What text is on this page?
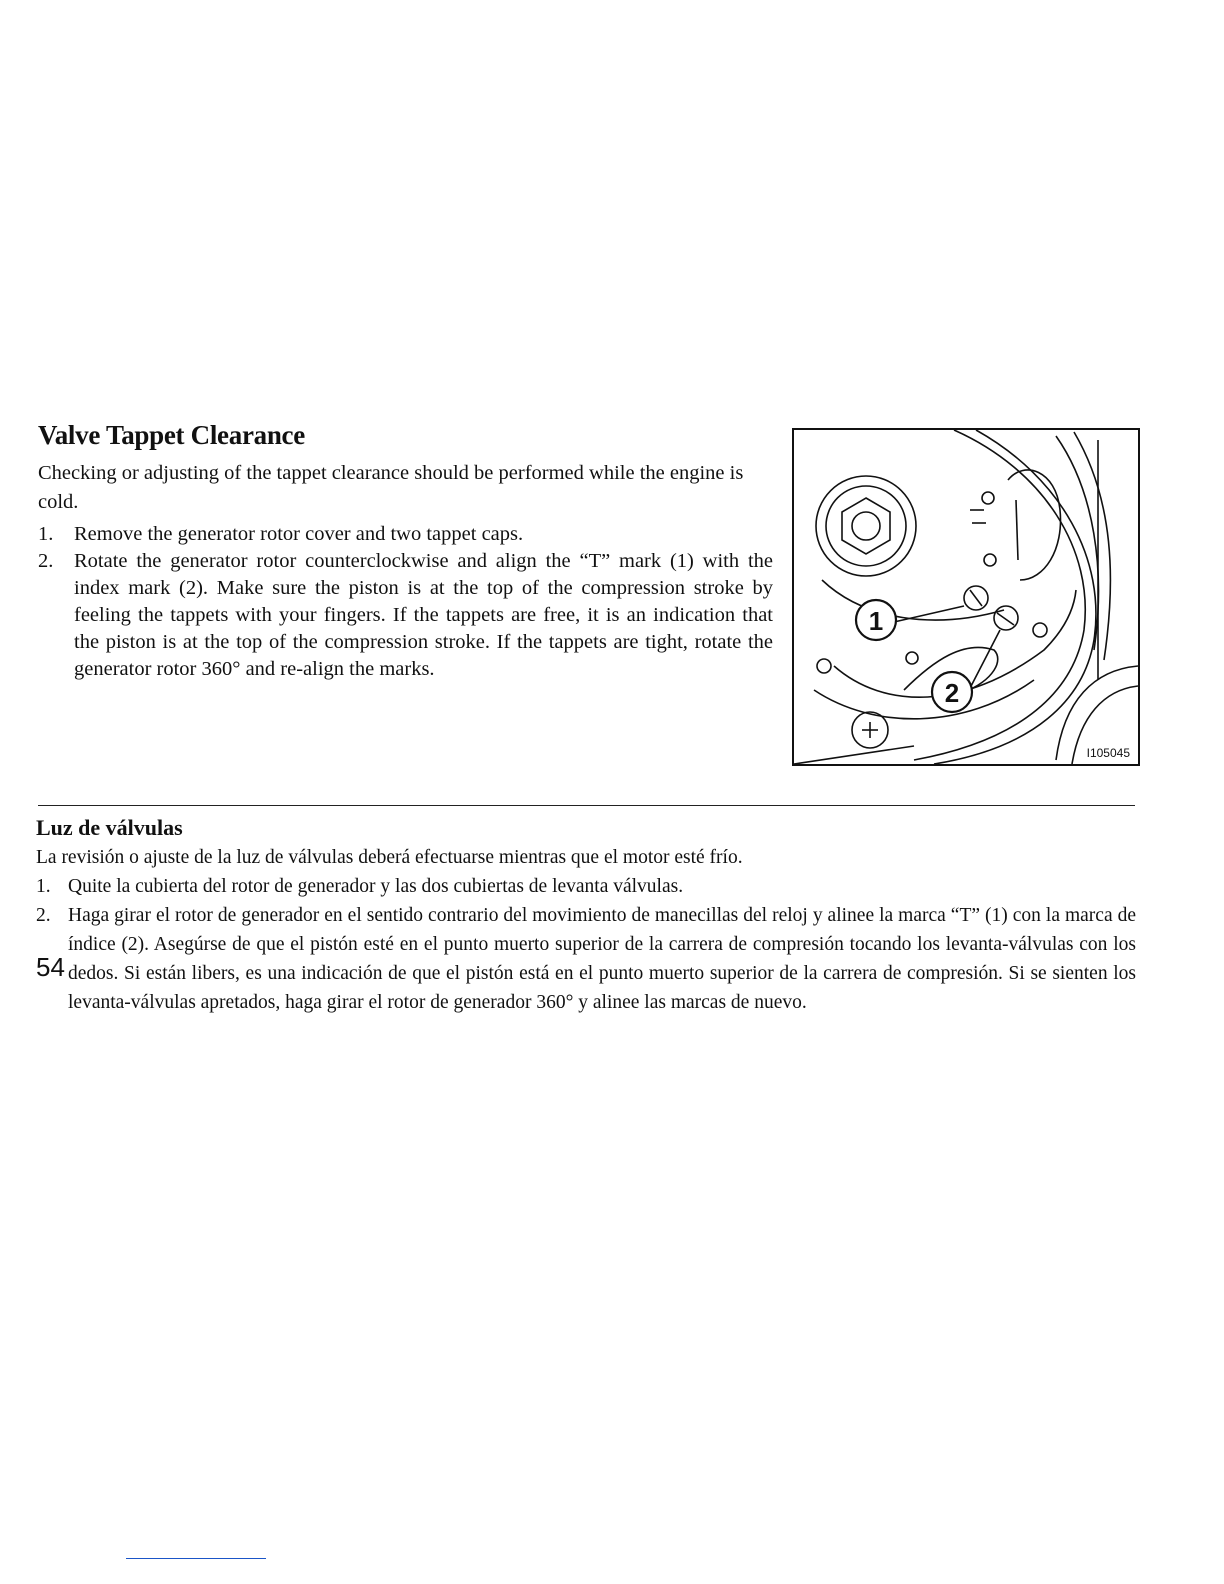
Valve Tappet Clearance

Checking or adjusting of the tappet clearance should be performed while the engine is cold.

1.	Remove the generator rotor cover and two tappet caps.
2.	Rotate the generator rotor counterclockwise and align the “T” mark (1) with the index mark (2). Make sure the piston is at the top of the compression stroke by feeling the tappets with your fingers. If the tappets are free, it is an indication that the piston is at the top of the compression stroke. If the tappets are tight, rotate the generator rotor 360° and re-align the marks.
1
2
I105045
Luz de válvulas

La revisión o ajuste de la luz de válvulas deberá efectuarse mientras que el motor esté frío.

1. Quite la cubierta del rotor de generador y las dos cubiertas de levanta válvulas.
2. Haga girar el rotor de generador en el sentido contrario del movimiento de manecillas del reloj y alinee la marca “T” (1) con la marca de índice (2). Asegúrse de que el pistón esté en el punto muerto superior de la carrera de compresión tocando los levanta-válvulas con los dedos. Si están libers, es una indicación de que el pistón está en el punto muerto superior de la carrera de compresión. Si se sienten los levanta-válvulas apretados, haga girar el rotor de generador 360° y alinee las marcas de nuevo.
54
